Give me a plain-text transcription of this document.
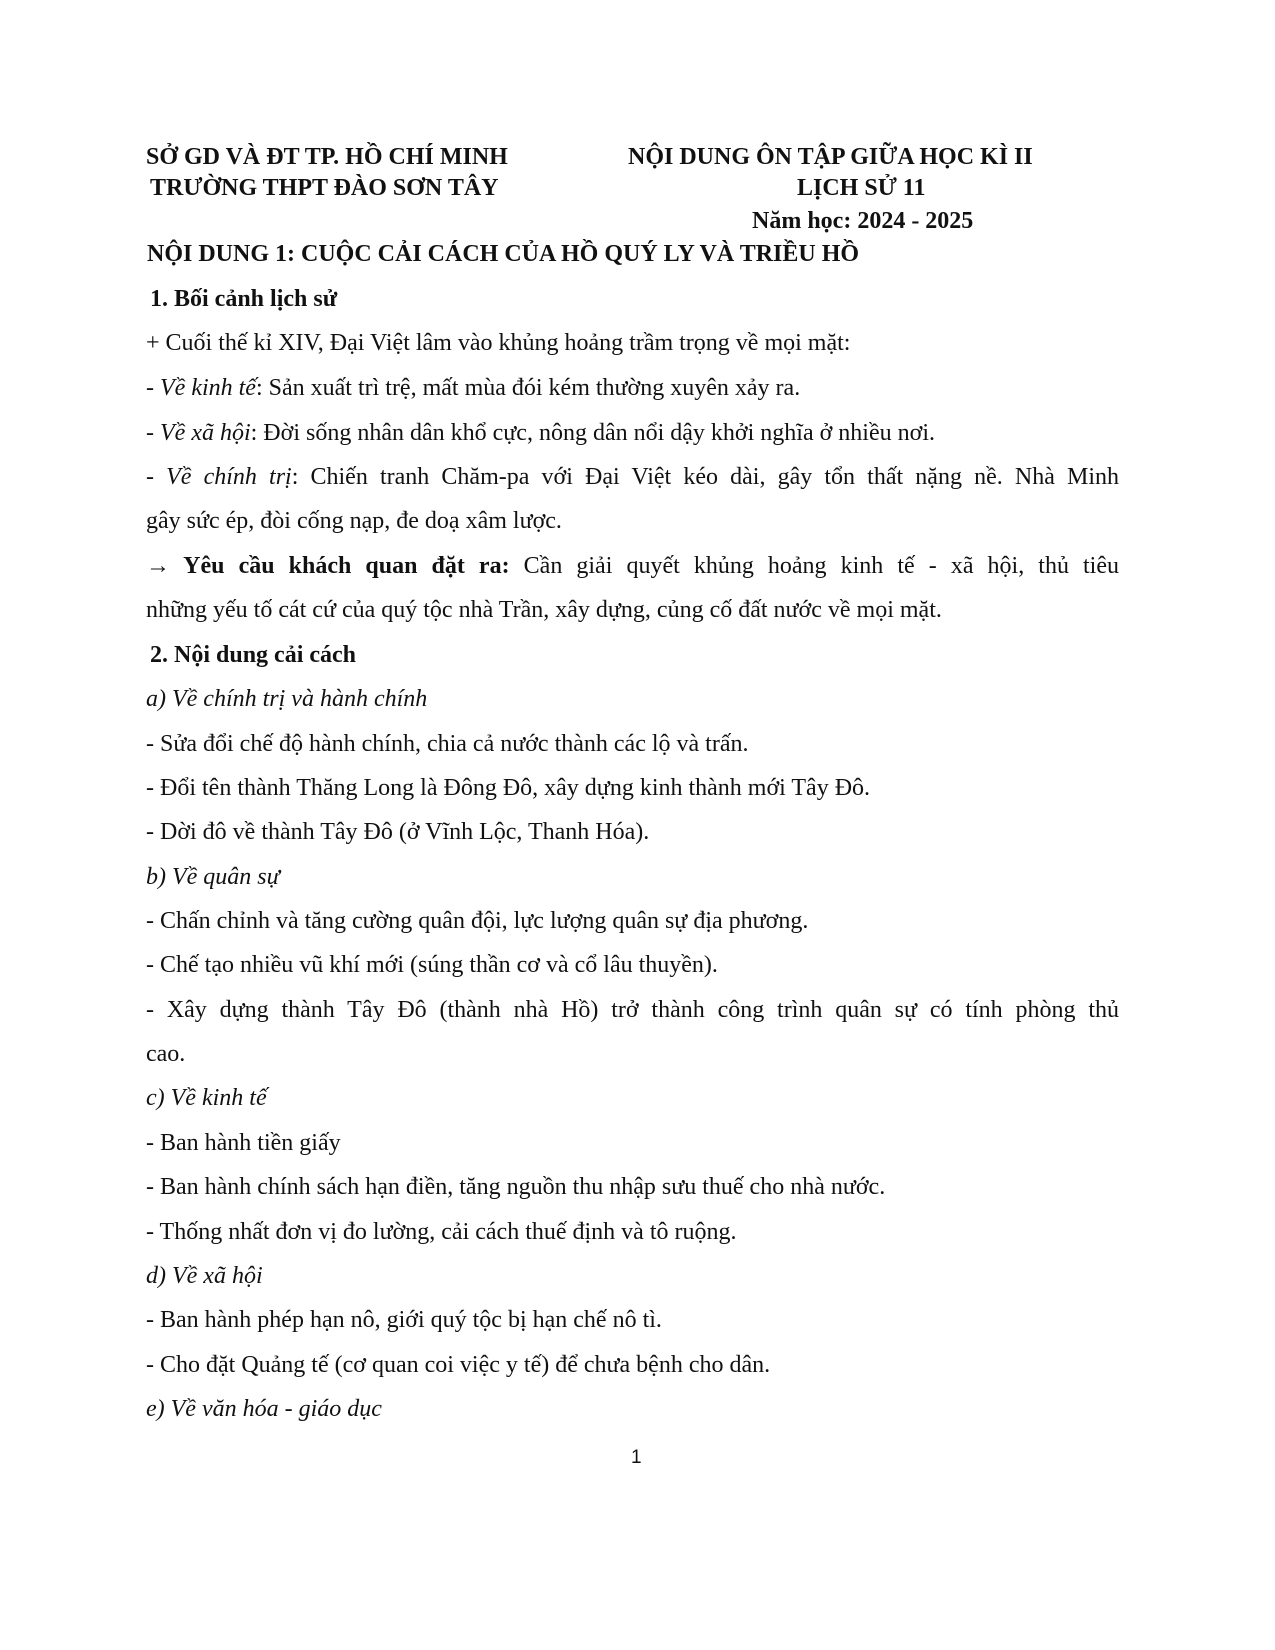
SỞ GD VÀ ĐT TP. HỒ CHÍ MINH
TRƯỜNG THPT ĐÀO SƠN TÂY
NỘI DUNG ÔN TẬP GIỮA HỌC KÌ II
LỊCH SỬ 11
Năm học: 2024 - 2025
NỘI DUNG 1: CUỘC CẢI CÁCH CỦA HỒ QUÝ LY VÀ TRIỀU HỒ
1. Bối cảnh lịch sử
+ Cuối thế kỉ XIV, Đại Việt lâm vào khủng hoảng trầm trọng về mọi mặt:
- Về kinh tế: Sản xuất trì trệ, mất mùa đói kém thường xuyên xảy ra.
- Về xã hội: Đời sống nhân dân khổ cực, nông dân nổi dậy khởi nghĩa ở nhiều nơi.
- Về chính trị: Chiến tranh Chăm-pa với Đại Việt kéo dài, gây tổn thất nặng nề. Nhà Minh
gây sức ép, đòi cống nạp, đe doạ xâm lược.
→ Yêu cầu khách quan đặt ra: Cần giải quyết khủng hoảng kinh tế - xã hội, thủ tiêu
những yếu tố cát cứ của quý tộc nhà Trần, xây dựng, củng cố đất nước về mọi mặt.
2. Nội dung cải cách
a) Về chính trị và hành chính
- Sửa đổi chế độ hành chính, chia cả nước thành các lộ và trấn.
- Đổi tên thành Thăng Long là Đông Đô, xây dựng kinh thành mới Tây Đô.
- Dời đô về thành Tây Đô (ở Vĩnh Lộc, Thanh Hóa).
b) Về quân sự
- Chấn chỉnh và tăng cường quân đội, lực lượng quân sự địa phương.
- Chế tạo nhiều vũ khí mới (súng thần cơ và cổ lâu thuyền).
- Xây dựng thành Tây Đô (thành nhà Hồ) trở thành công trình quân sự có tính phòng thủ
cao.
c) Về kinh tế
- Ban hành tiền giấy
- Ban hành chính sách hạn điền, tăng nguồn thu nhập sưu thuế cho nhà nước.
- Thống nhất đơn vị đo lường, cải cách thuế định và tô ruộng.
d) Về xã hội
- Ban hành phép hạn nô, giới quý tộc bị hạn chế nô tì.
- Cho đặt Quảng tế (cơ quan coi việc y tế) để chưa bệnh cho dân.
e) Về văn hóa - giáo dục
1
